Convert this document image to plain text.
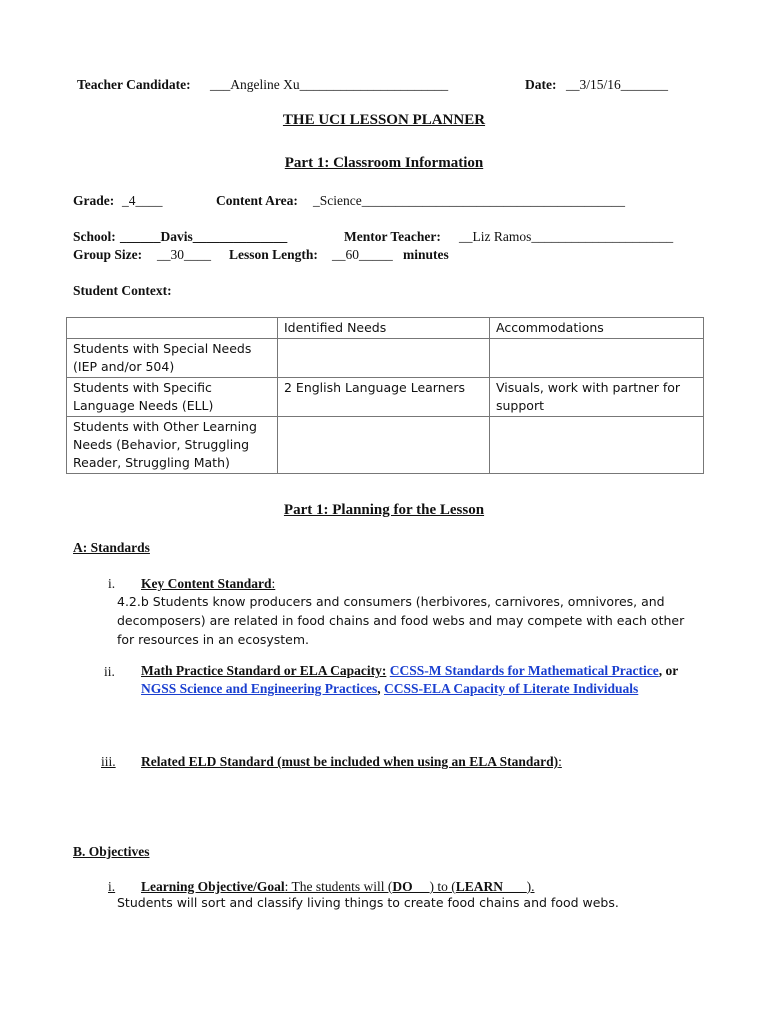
Teacher Candidate: ___Angeline Xu______________________	Date: __3/15/16_______
THE UCI LESSON PLANNER
Part 1: Classroom Information
Grade: _4____	Content Area: _Science_______________________________________
School: ______Davis______________	Mentor Teacher: __Liz Ramos_____________________
Group Size: __30____ Lesson Length: __60_____ minutes
Student Context:
	Identified Needs	Accommodations
Students with Special Needs (IEP and/or 504)		
Students with Specific Language Needs (ELL)	2 English Language Learners	Visuals, work with partner for support
Students with Other Learning Needs (Behavior, Struggling Reader, Struggling Math)		
Part 1: Planning for the Lesson
A: Standards
i. Key Content Standard:
4.2.b Students know producers and consumers (herbivores, carnivores, omnivores, and decomposers) are related in food chains and food webs and may compete with each other for resources in an ecosystem.
ii. Math Practice Standard or ELA Capacity: CCSS-M Standards for Mathematical Practice, or NGSS Science and Engineering Practices, CCSS-ELA Capacity of Literate Individuals
iii. Related ELD Standard (must be included when using an ELA Standard):
B. Objectives
i. Learning Objective/Goal: The students will (DO __) to (LEARN ___).
Students will sort and classify living things to create food chains and food webs.
